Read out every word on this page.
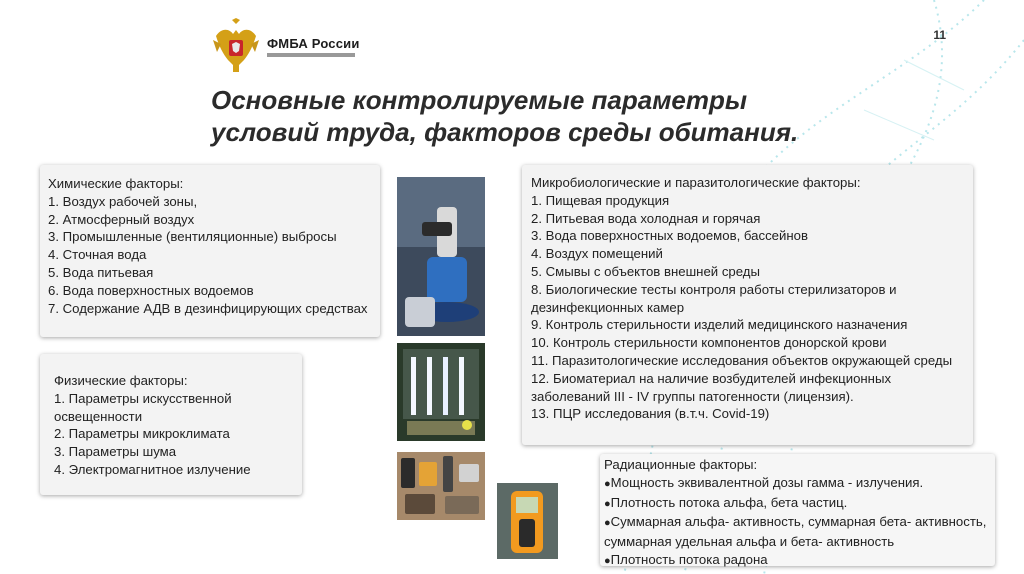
ФМБА России
11
Основные контролируемые параметры
условий труда, факторов среды обитания.
Химические факторы:
1. Воздух рабочей зоны,
2. Атмосферный воздух
3. Промышленные (вентиляционные) выбросы
4. Сточная вода
5. Вода питьевая
6. Вода поверхностных водоемов
7. Содержание АДВ в дезинфицирующих средствах
Физические факторы:
1. Параметры искусственной освещенности
2. Параметры микроклимата
3. Параметры шума
4. Электромагнитное излучение
Микробиологические и паразитологические факторы:
1. Пищевая продукция
2. Питьевая вода холодная и горячая
3. Вода поверхностных водоемов, бассейнов
4. Воздух помещений
5. Смывы с объектов внешней среды
8. Биологические тесты контроля работы стерилизаторов и дезинфекционных камер
9. Контроль стерильности изделий медицинского назначения
10. Контроль стерильности компонентов донорской крови
11. Паразитологические исследования объектов окружающей среды
12. Биоматериал на наличие возбудителей инфекционных заболеваний III - IV группы патогенности (лицензия).
13. ПЦР исследования (в.т.ч. Covid-19)
Радиационные факторы:
● Мощность эквивалентной дозы гамма - излучения.
● Плотность потока альфа, бета частиц.
● Суммарная альфа- активность, суммарная бета- активность, суммарная удельная альфа и бета- активность
● Плотность потока радона
